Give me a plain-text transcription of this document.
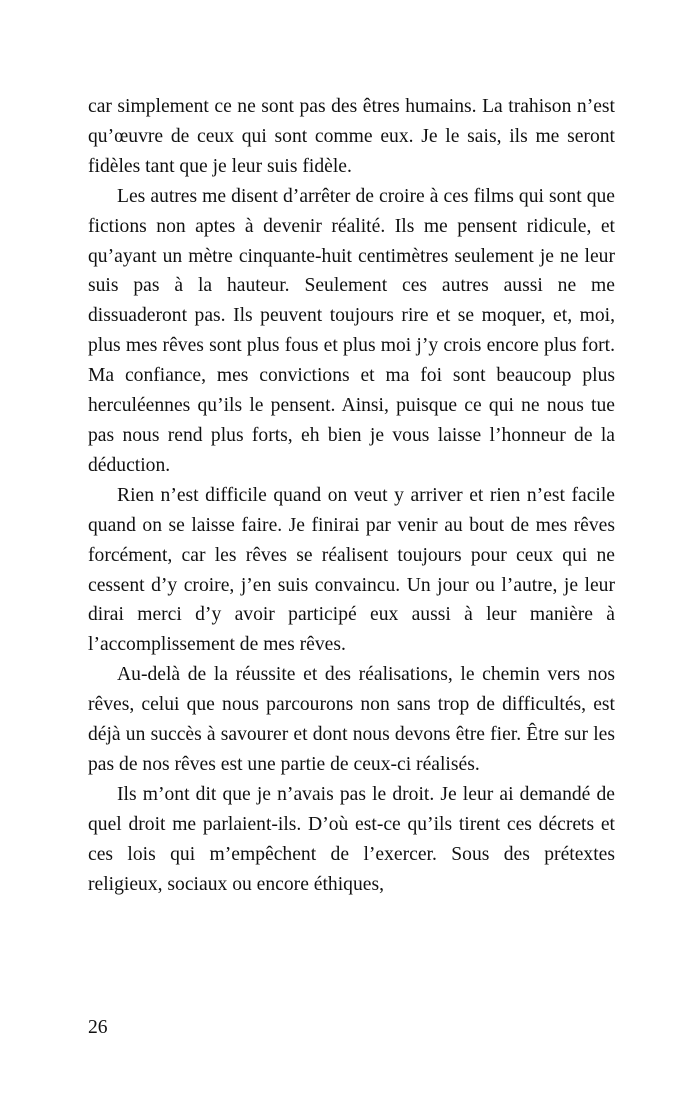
car simplement ce ne sont pas des êtres humains. La trahison n’est qu’œuvre de ceux qui sont comme eux. Je le sais, ils me seront fidèles tant que je leur suis fidèle.

Les autres me disent d’arrêter de croire à ces films qui sont que fictions non aptes à devenir réalité. Ils me pensent ridicule, et qu’ayant un mètre cinquante-huit centimètres seulement je ne leur suis pas à la hauteur. Seulement ces autres aussi ne me dissuaderont pas. Ils peuvent toujours rire et se moquer, et, moi, plus mes rêves sont plus fous et plus moi j’y crois encore plus fort. Ma confiance, mes convictions et ma foi sont beaucoup plus herculéennes qu’ils le pensent. Ainsi, puisque ce qui ne nous tue pas nous rend plus forts, eh bien je vous laisse l’honneur de la déduction.

Rien n’est difficile quand on veut y arriver et rien n’est facile quand on se laisse faire. Je finirai par venir au bout de mes rêves forcément, car les rêves se réalisent toujours pour ceux qui ne cessent d’y croire, j’en suis convaincu. Un jour ou l’autre, je leur dirai merci d’y avoir participé eux aussi à leur manière à l’accomplissement de mes rêves.

Au-delà de la réussite et des réalisations, le chemin vers nos rêves, celui que nous parcourons non sans trop de difficultés, est déjà un succès à savourer et dont nous devons être fier. Être sur les pas de nos rêves est une partie de ceux-ci réalisés.

Ils m’ont dit que je n’avais pas le droit. Je leur ai demandé de quel droit me parlaient-ils. D’où est-ce qu’ils tirent ces décrets et ces lois qui m’empêchent de l’exercer. Sous des prétextes religieux, sociaux ou encore éthiques,

26
